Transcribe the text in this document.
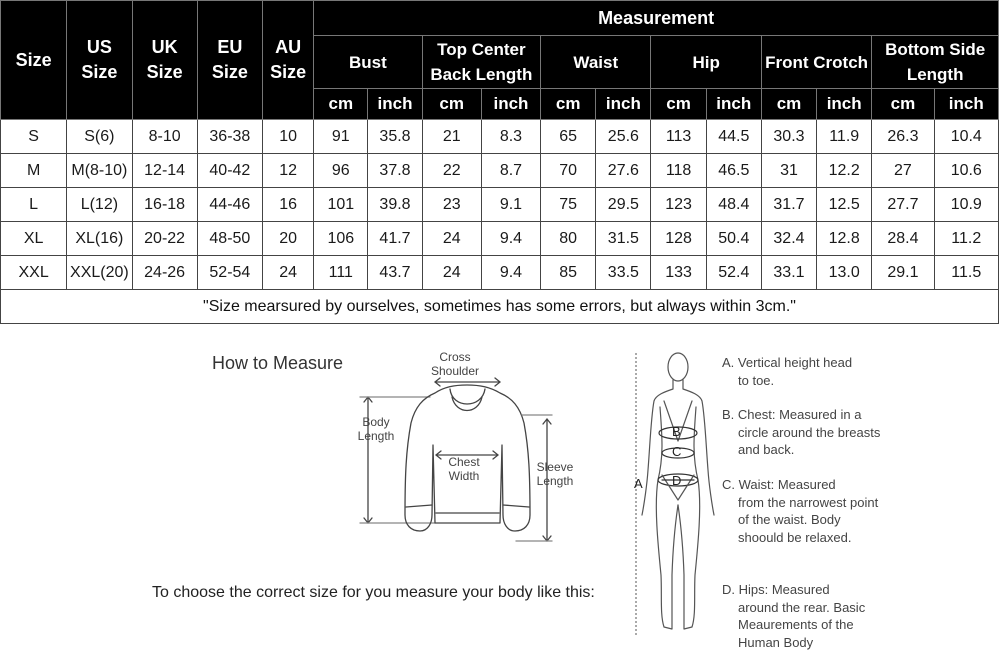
Size	US Size	UK Size	EU Size	AU Size	Measurement											
					Bust		Top Center Back Length		Waist		Hip		Front Crotch		Bottom Side Length	
					cm	inch	cm	inch	cm	inch	cm	inch	cm	inch	cm	inch
S	S(6)	8-10	36-38	10	91	35.8	21	8.3	65	25.6	113	44.5	30.3	11.9	26.3	10.4
M	M(8-10)	12-14	40-42	12	96	37.8	22	8.7	70	27.6	118	46.5	31	12.2	27	10.6
L	L(12)	16-18	44-46	16	101	39.8	23	9.1	75	29.5	123	48.4	31.7	12.5	27.7	10.9
XL	XL(16)	20-22	48-50	20	106	41.7	24	9.4	80	31.5	128	50.4	32.4	12.8	28.4	11.2
XXL	XXL(20)	24-26	52-54	24	111	43.7	24	9.4	85	33.5	133	52.4	33.1	13.0	29.1	11.5
"Size mearsured by ourselves, sometimes has some errors, but always within 3cm."																
How to Measure	Cross Shoulder
Body Length
Chest Width
Sleeve Length
To choose the correct size for you measure your body like this:
A
B
C
D
A. Vertical height head
to toe.
B. Chest: Measured in a
circle around the breasts and back.
C. Waist: Measured
from the narrowest point of the waist. Body shoould be relaxed.
D. Hips: Measured
around the rear. Basic Meaurements of the Human Body
